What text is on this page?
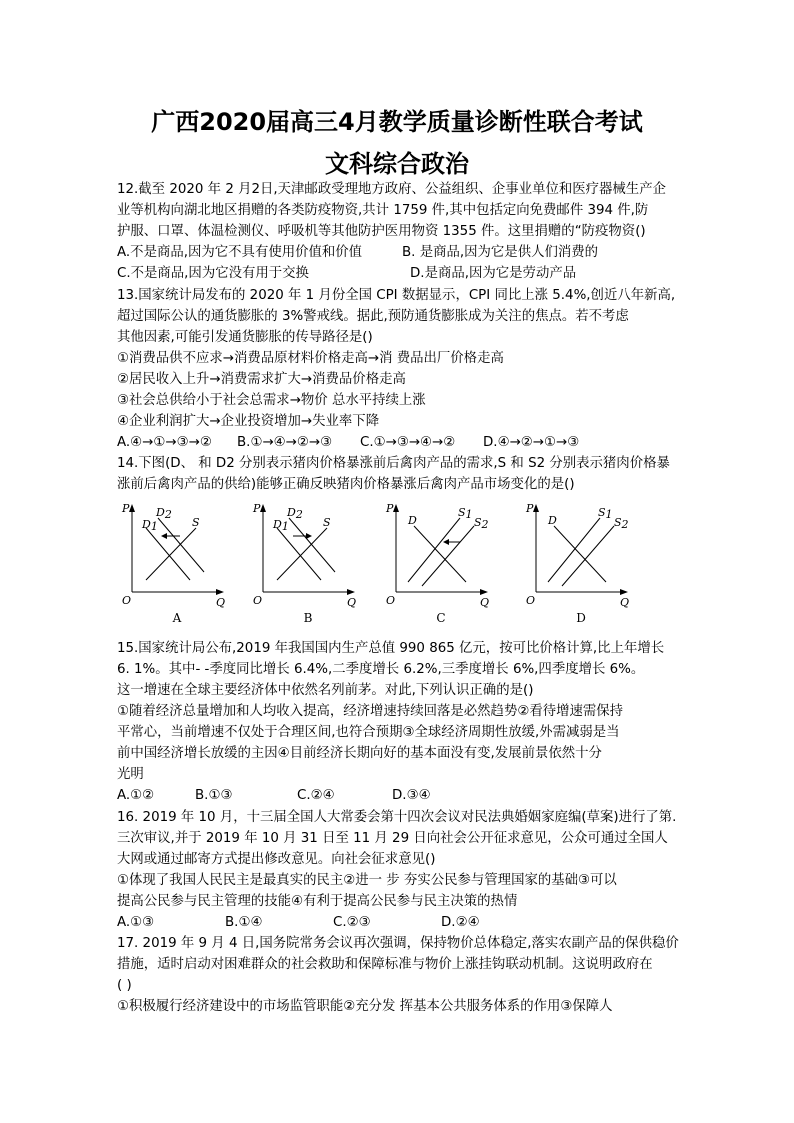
广西2020届高三4月教学质量诊断性联合考试
文科综合政治
12.截至 2020 年 2 月2日,天津邮政受理地方政府、公益组织、企事业单位和医疗器械生产企
业等机构向湖北地区捐赠的各类防疫物资,共计 1759 件,其中包括定向免费邮件 394 件,防
护服、口罩、体温检测仪、呼吸机等其他防护医用物资 1355 件。这里捐赠的“防疫物资()
A.不是商品,因为它不具有使用价值和价值	B. 是商品,因为它是供人们消费的
C.不是商品,因为它没有用于交换	D.是商品,因为它是劳动产品
13.国家统计局发布的 2020 年 1 月份全国 CPI 数据显示，CPI 同比上涨 5.4%,创近八年新高,
超过国际公认的通货膨胀的 3%警戒线。据此,预防通货膨胀成为关注的焦点。若不考虑
其他因素,可能引发通货膨胀的传导路径是()
①消费品供不应求→消费品原材料价格走高→消 费品出厂价格走高
②居民收入上升→消费需求扩大→消费品价格走高
③社会总供给小于社会总需求→物价 总水平持续上涨
④企业利润扩大→企业投资增加→失业率下降
A.④→①→③→② B.①→④→②→③ C.①→③→④→② D.④→②→①→③
14.下图(D、 和 D2 分别表示猪肉价格暴涨前后禽肉产品的需求,S 和 S2 分别表示猪肉价格暴
涨前后禽肉产品的供给)能够正确反映猪肉价格暴涨后禽肉产品市场变化的是()
P
Q
O
D1
D2
S
A
P
Q
O
D1
D2
S
B
P
Q
O
D
S1
S2
C
P
Q
O
D
S1
S2
D
15.国家统计局公布,2019 年我国国内生产总值 990 865 亿元，按可比价格计算,比上年增长
6. 1%。其中- -季度同比增长 6.4%,二季度增长 6.2%,三季度增长 6%,四季度增长 6%。
这一增速在全球主要经济体中依然名列前茅。对此,下列认识正确的是()
①随着经济总量增加和人均收入提高，经济增速持续回落是必然趋势②看待增速需保持
平常心，当前增速不仅处于合理区间,也符合预期③全球经济周期性放缓,外需减弱是当
前中国经济增长放缓的主因④目前经济长期向好的基本面没有变,发展前景依然十分
光明
A.①②	B.①③	C.②④	D.③④
16. 2019 年 10 月，十三届全国人大常委会第十四次会议对民法典婚姻家庭编(草案)进行了第.
三次审议,并于 2019 年 10 月 31 日至 11 月 29 日向社会公开征求意见，公众可通过全国人
大网或通过邮寄方式提出修改意见。向社会征求意见()
①体现了我国人民民主是最真实的民主②进一 步 夯实公民参与管理国家的基础③可以
提高公民参与民主管理的技能④有利于提高公民参与民主决策的热情
A.①③	B.①④	C.②③	D.②④
17. 2019 年 9 月 4 日,国务院常务会议再次强调，保持物价总体稳定,落实农副产品的保供稳价
措施，适时启动对困难群众的社会救助和保障标准与物价上涨挂钩联动机制。这说明政府在
( )
①积极履行经济建设中的市场监管职能②充分发 挥基本公共服务体系的作用③保障人
